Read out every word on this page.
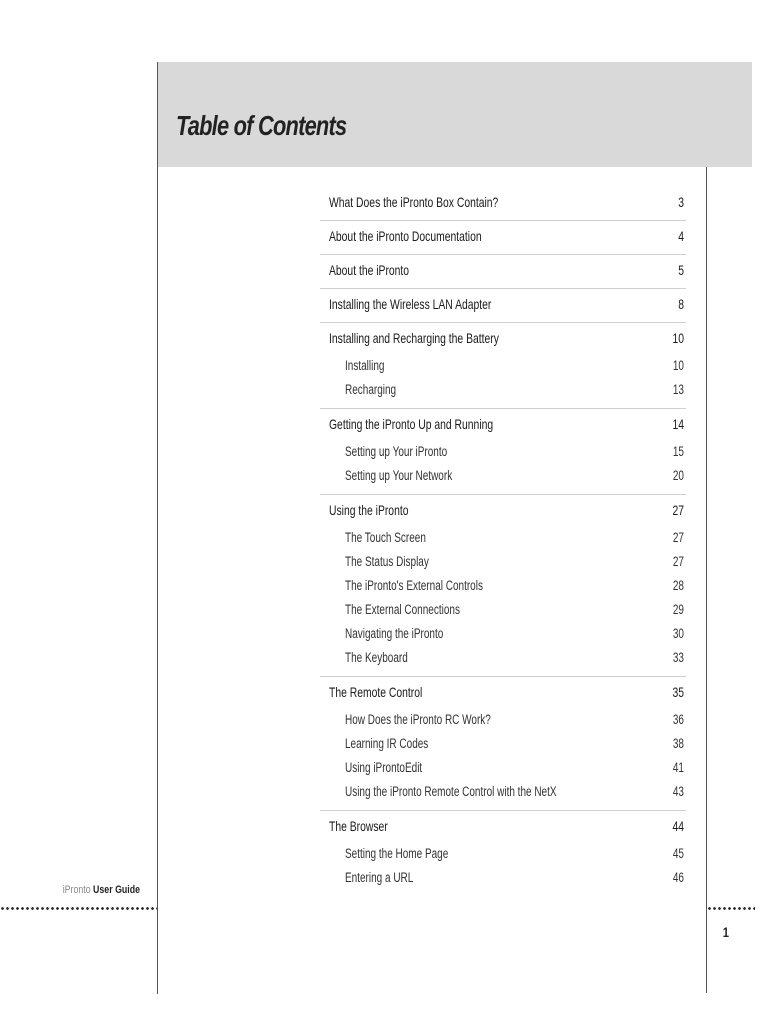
Table of Contents
What Does the iPronto Box Contain?	3
About the iPronto Documentation	4
About the iPronto	5
Installing the Wireless LAN Adapter	8
Installing and Recharging the Battery	10
Installing	10
Recharging	13
Getting the iPronto Up and Running	14
Setting up Your iPronto	15
Setting up Your Network	20
Using the iPronto	27
The Touch Screen	27
The Status Display	27
The iPronto's External Controls	28
The External Connections	29
Navigating the iPronto	30
The Keyboard	33
The Remote Control	35
How Does the iPronto RC Work?	36
Learning IR Codes	38
Using iProntoEdit	41
Using the iPronto Remote Control with the NetX	43
The Browser	44
Setting the Home Page	45
Entering a URL	46
iPronto User Guide
1
